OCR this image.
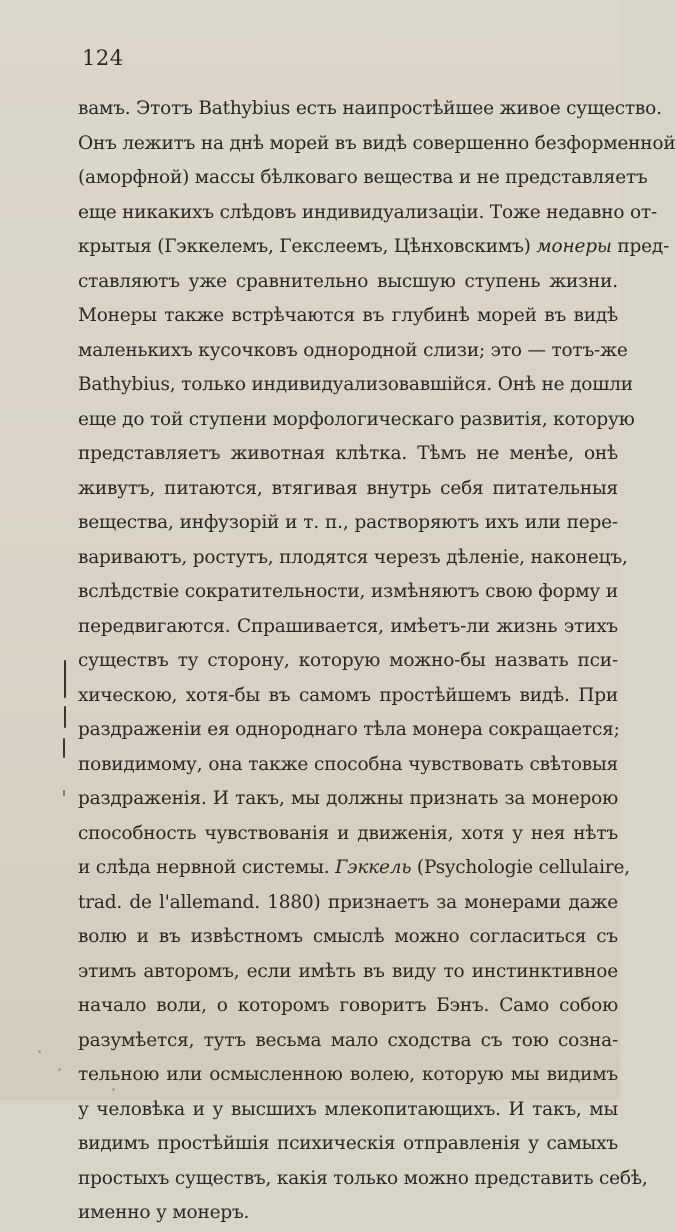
124
вамъ. Этотъ Bathybius есть наипростѣйшее живое существо.
Онъ лежитъ на днѣ морей въ видѣ совершенно безформенной
(аморфной) массы бѣлковаго вещества и не представляетъ
еще никакихъ слѣдовъ индивидуализаціи. Тоже недавно от-
крытыя (Гэккелемъ, Гекслеемъ, Цѣнховскимъ) монеры пред-
ставляютъ уже сравнительно высшую ступень жизни.
Монеры также встрѣчаются въ глубинѣ морей въ видѣ
маленькихъ кусочковъ однородной слизи; это — тотъ-же
Bathybius, только индивидуализовавшійся. Онѣ не дошли
еще до той ступени морфологическаго развитія, которую
представляетъ животная клѣтка. Тѣмъ не менѣе, онѣ
живутъ, питаются, втягивая внутрь себя питательныя
вещества, инфузорій и т. п., растворяютъ ихъ или пере-
вариваютъ, ростутъ, плодятся черезъ дѣленіе, наконецъ,
вслѣдствіе сократительности, измѣняютъ свою форму и
передвигаются. Спрашивается, имѣетъ-ли жизнь этихъ
существъ ту сторону, которую можно-бы назвать пси-
хическою, хотя-бы въ самомъ простѣйшемъ видѣ. При
раздраженіи ея однороднаго тѣла монера сокращается;
повидимому, она также способна чувствовать свѣтовыя
раздраженія. И такъ, мы должны признать за монерою
способность чувствованія и движенія, хотя у нея нѣтъ
и слѣда нервной системы. Гэккель (Psychologie cellulaire,
trad. de l'allemand. 1880) признаетъ за монерами даже
волю и въ извѣстномъ смыслѣ можно согласиться съ
этимъ авторомъ, если имѣть въ виду то инстинктивное
начало воли, о которомъ говоритъ Бэнъ. Само собою
разумѣется, тутъ весьма мало сходства съ тою созна-
тельною или осмысленною волею, которую мы видимъ
у человѣка и у высшихъ млекопитающихъ. И такъ, мы
видимъ простѣйшія психическія отправленія у самыхъ
простыхъ существъ, какія только можно представить себѣ,
именно у монеръ.
